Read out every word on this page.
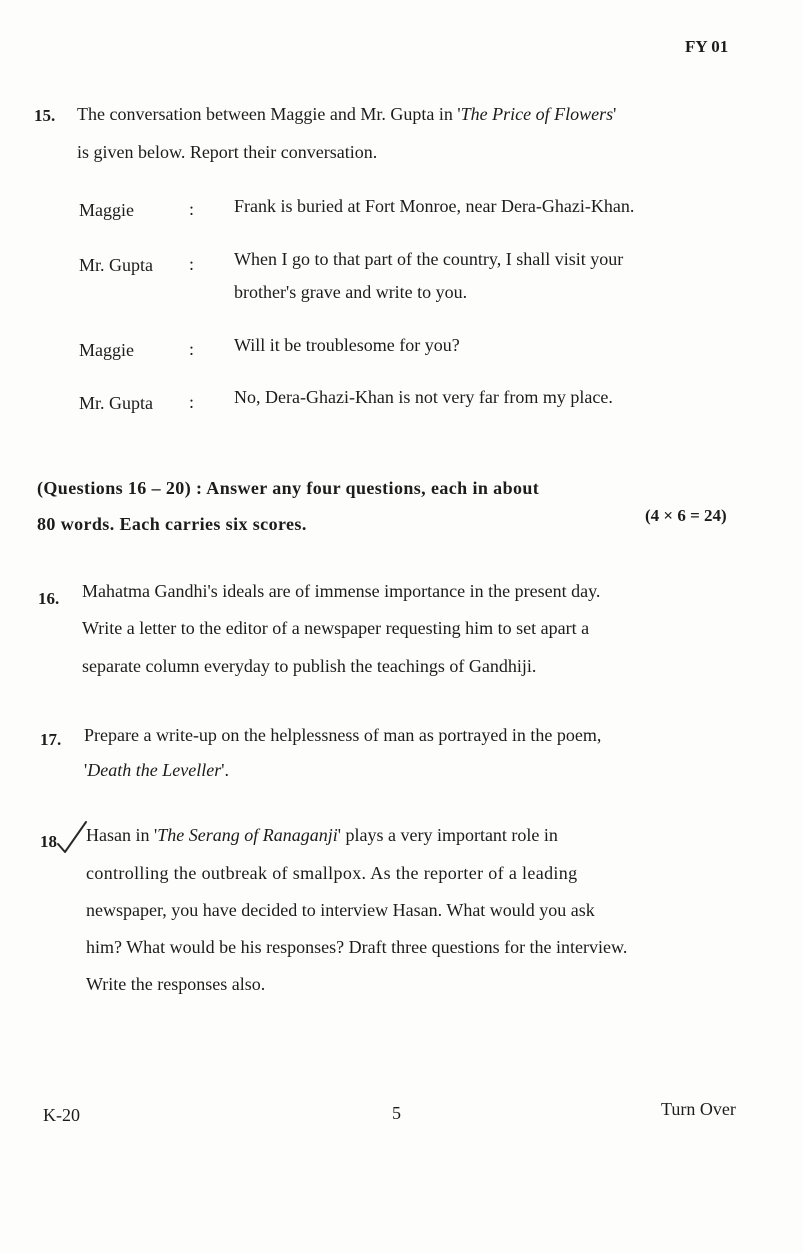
FY 01
15. The conversation between Maggie and Mr. Gupta in 'The Price of Flowers'
is given below. Report their conversation.
Maggie	: Frank is buried at Fort Monroe, near Dera-Ghazi-Khan.
Mr. Gupta : When I go to that part of the country, I shall visit your
brother's grave and write to you.
Maggie	: Will it be troublesome for you?
Mr. Gupta : No, Dera-Ghazi-Khan is not very far from my place.
(Questions 16 – 20) : Answer any four questions, each in about
80 words. Each carries six scores.	(4 × 6 = 24)
16. Mahatma Gandhi's ideals are of immense importance in the present day.
Write a letter to the editor of a newspaper requesting him to set apart a
separate column everyday to publish the teachings of Gandhiji.
17. Prepare a write-up on the helplessness of man as portrayed in the poem,
'Death the Leveller'.
18 Hasan in 'The Serang of Ranaganji' plays a very important role in
controlling the outbreak of smallpox. As the reporter of a leading
newspaper, you have decided to interview Hasan. What would you ask
him? What would be his responses? Draft three questions for the interview.
Write the responses also.
K-20	5	Turn Over
